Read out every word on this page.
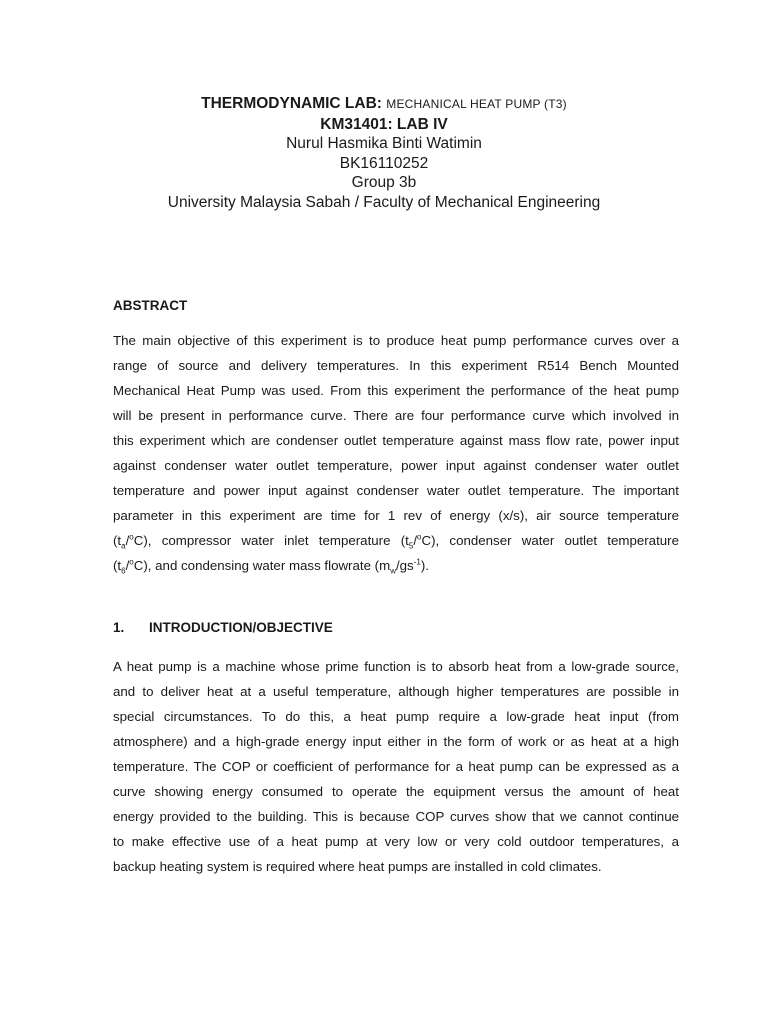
THERMODYNAMIC LAB: MECHANICAL HEAT PUMP (T3)
KM31401: LAB IV
Nurul Hasmika Binti Watimin
BK16110252
Group 3b
University Malaysia Sabah / Faculty of Mechanical Engineering
ABSTRACT
The main objective of this experiment is to produce heat pump performance curves over a
range of source and delivery temperatures. In this experiment R514 Bench Mounted
Mechanical Heat Pump was used. From this experiment the performance of the heat pump
will be present in performance curve. There are four performance curve which involved in
this experiment which are condenser outlet temperature against mass flow rate, power input
against condenser water outlet temperature, power input against condenser water outlet
temperature and power input against condenser water outlet temperature. The important
parameter in this experiment are time for 1 rev of energy (x/s), air source temperature
$(t_a/^oC)$, compressor water inlet temperature $(t_5/^oC)$, condenser water outlet temperature
$(t_6/^oC)$, and condensing water mass flowrate $(m_w/gs^{-1})$.
1. INTRODUCTION/OBJECTIVE
A heat pump is a machine whose prime function is to absorb heat from a low-grade source,
and to deliver heat at a useful temperature, although higher temperatures are possible in
special circumstances. To do this, a heat pump require a low-grade heat input (from
atmosphere) and a high-grade energy input either in the form of work or as heat at a high
temperature. The COP or coefficient of performance for a heat pump can be expressed as a
curve showing energy consumed to operate the equipment versus the amount of heat
energy provided to the building. This is because COP curves show that we cannot continue
to make effective use of a heat pump at very low or very cold outdoor temperatures, a
backup heating system is required where heat pumps are installed in cold climates.
